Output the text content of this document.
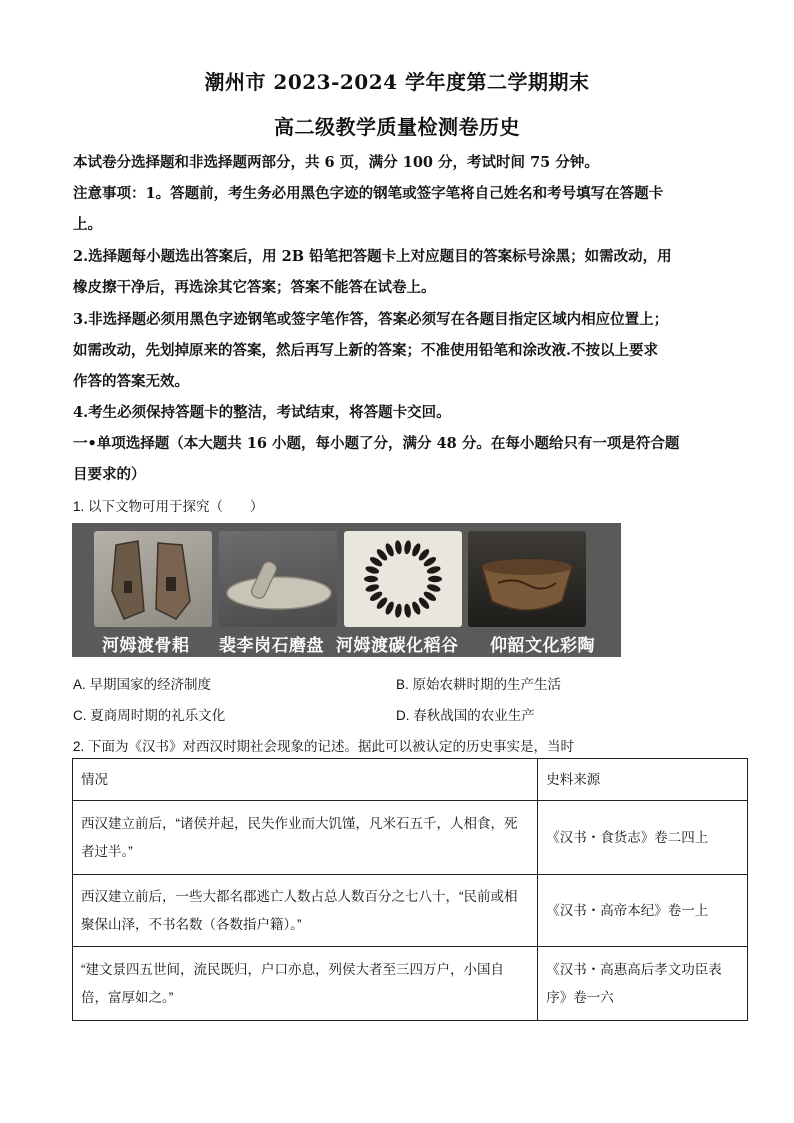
潮州市 2023-2024 学年度第二学期期末
高二级教学质量检测卷历史
本试卷分选择题和非选择题两部分，共 6 页，满分 100 分，考试时间 75 分钟。
注意事项：1。答题前，考生务必用黑色字迹的钢笔或签字笔将自己姓名和考号填写在答题卡
上。
2.选择题每小题选出答案后，用 2B 铅笔把答题卡上对应题目的答案标号涂黑；如需改动，用
橡皮擦干净后，再选涂其它答案；答案不能答在试卷上。
3.非选择题必须用黑色字迹钢笔或签字笔作答，答案必须写在各题目指定区域内相应位置上；
如需改动，先划掉原来的答案，然后再写上新的答案；不准使用铅笔和涂改液.不按以上要求
作答的答案无效。
4.考生必须保持答题卡的整洁，考试结束，将答题卡交回。
一•单项选择题（本大题共 16 小题，每小题了分，满分 48 分。在每小题给只有一项是符合题
目要求的）
1. 以下文物可用于探究（　　）
河姆渡骨耜 裴李岗石磨盘 河姆渡碳化稻谷 仰韶文化彩陶
A. 早期国家的经济制度	B. 原始农耕时期的生产生活
C. 夏商周时期的礼乐文化	D. 春秋战国的农业生产
2. 下面为《汉书》对西汉时期社会现象的记述。据此可以被认定的历史事实是，当时
情况	史料来源
西汉建立前后，“诸侯并起，民失作业而大饥馑，凡米石五千，人相食，死者过半。”	《汉书・食货志》卷二四上
西汉建立前后，一些大都名郡逃亡人数占总人数百分之七八十，“民前或相聚保山泽，不书名数（各数指户籍）。”	《汉书・高帝本纪》卷一上
“建文景四五世间，流民既归，户口亦息，列侯大者至三四万户，小国自倍，富厚如之。”	《汉书・高惠高后孝文功臣表序》卷一六
